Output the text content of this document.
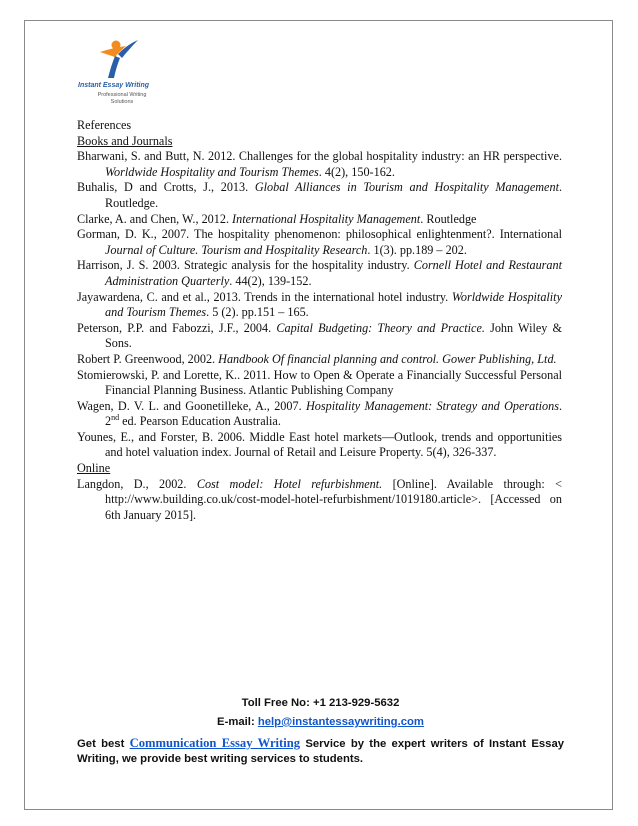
Instant Essay Writing
Professional Writing
Solutions

References

Books and Journals

Bharwani, S. and Butt, N. 2012. Challenges for the global hospitality industry: an HR perspective. Worldwide Hospitality and Tourism Themes. 4(2), 150-162.

Buhalis, D and Crotts, J., 2013. Global Alliances in Tourism and Hospitality Management. Routledge.

Clarke, A. and Chen, W., 2012. International Hospitality Management. Routledge

Gorman, D. K., 2007. The hospitality phenomenon: philosophical enlightenment?. International Journal of Culture. Tourism and Hospitality Research. 1(3). pp.189 – 202.

Harrison, J. S. 2003. Strategic analysis for the hospitality industry. Cornell Hotel and Restaurant Administration Quarterly. 44(2), 139-152.

Jayawardena, C. and et al., 2013. Trends in the international hotel industry. Worldwide Hospitality and Tourism Themes. 5 (2). pp.151 – 165.

Peterson, P.P. and Fabozzi, J.F., 2004. Capital Budgeting: Theory and Practice. John Wiley & Sons.

Robert P. Greenwood, 2002. Handbook Of financial planning and control. Gower Publishing, Ltd.

Stomierowski, P. and Lorette, K.. 2011. How to Open & Operate a Financially Successful Personal Financial Planning Business. Atlantic Publishing Company

Wagen, D. V. L. and Goonetilleke, A., 2007. Hospitality Management: Strategy and Operations. 2nd ed. Pearson Education Australia.

Younes, E., and Forster, B. 2006. Middle East hotel markets—Outlook, trends and opportunities and hotel valuation index. Journal of Retail and Leisure Property. 5(4), 326-337.

Online

Langdon, D., 2002. Cost model: Hotel refurbishment. [Online]. Available through: < http://www.building.co.uk/cost-model-hotel-refurbishment/1019180.article>. [Accessed on 6th January 2015].

Toll Free No: +1 213-929-5632
E-mail: help@instantessaywriting.com
Get best Communication Essay Writing Service by the expert writers of Instant Essay Writing, we provide best writing services to students.
